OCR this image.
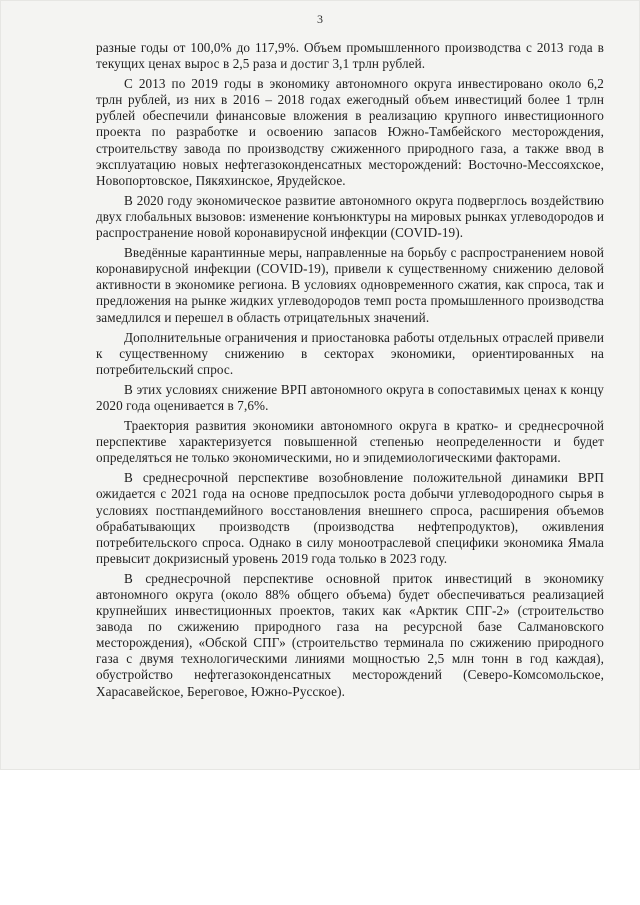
3

разные годы от 100,0% до 117,9%. Объем промышленного производства с 2013 года в текущих ценах вырос в 2,5 раза и достиг 3,1 трлн рублей.

С 2013 по 2019 годы в экономику автономного округа инвестировано около 6,2 трлн рублей, из них в 2016 – 2018 годах ежегодный объем инвестиций более 1 трлн рублей обеспечили финансовые вложения в реализацию крупного инвестиционного проекта по разработке и освоению запасов Южно-Тамбейского месторождения, строительству завода по производству сжиженного природного газа, а также ввод в эксплуатацию новых нефтегазоконденсатных месторождений: Восточно-Мессояхское, Новопортовское, Пякяхинское, Ярудейское.

В 2020 году экономическое развитие автономного округа подверглось воздействию двух глобальных вызовов: изменение конъюнктуры на мировых рынках углеводородов и распространение новой коронавирусной инфекции (COVID-19).

Введённые карантинные меры, направленные на борьбу с распространением новой коронавирусной инфекции (COVID-19), привели к существенному снижению деловой активности в экономике региона. В условиях одновременного сжатия, как спроса, так и предложения на рынке жидких углеводородов темп роста промышленного производства замедлился и перешел в область отрицательных значений.

Дополнительные ограничения и приостановка работы отдельных отраслей привели к существенному снижению в секторах экономики, ориентированных на потребительский спрос.

В этих условиях снижение ВРП автономного округа в сопоставимых ценах к концу 2020 года оценивается в 7,6%.

Траектория развития экономики автономного округа в кратко- и среднесрочной перспективе характеризуется повышенной степенью неопределенности и будет определяться не только экономическими, но и эпидемиологическими факторами.

В среднесрочной перспективе возобновление положительной динамики ВРП ожидается с 2021 года на основе предпосылок роста добычи углеводородного сырья в условиях постпандемийного восстановления внешнего спроса, расширения объемов обрабатывающих производств (производства нефтепродуктов), оживления потребительского спроса. Однако в силу моноотраслевой специфики экономика Ямала превысит докризисный уровень 2019 года только в 2023 году.

В среднесрочной перспективе основной приток инвестиций в экономику автономного округа (около 88% общего объема) будет обеспечиваться реализацией крупнейших инвестиционных проектов, таких как «Арктик СПГ-2» (строительство завода по сжижению природного газа на ресурсной базе Салмановского месторождения), «Обской СПГ» (строительство терминала по сжижению природного газа с двумя технологическими линиями мощностью 2,5 млн тонн в год каждая), обустройство нефтегазоконденсатных месторождений (Северо-Комсомольское, Харасавейское, Береговое, Южно-Русское).
